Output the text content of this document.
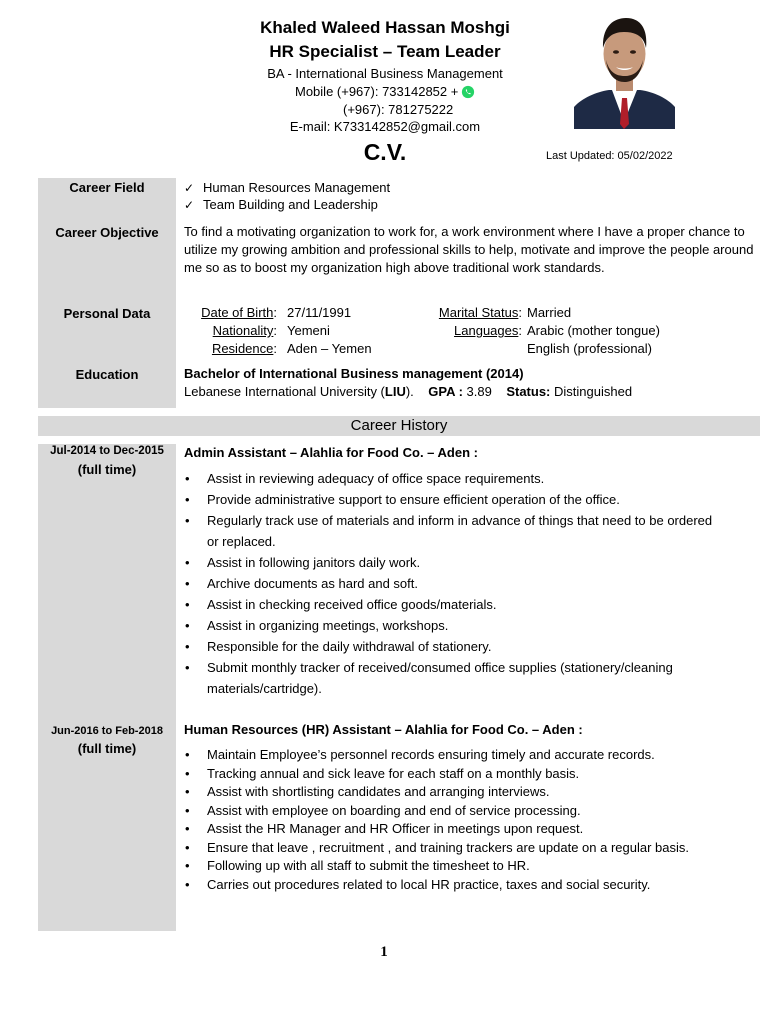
Khaled Waleed Hassan Moshgi
HR Specialist – Team Leader
BA - International Business Management
Mobile (+967): 733142852 +
(+967): 781275222
E-mail: K733142852@gmail.com
C.V.	Last Updated: 05/02/2022
Career Field	✓ Human Resources Management
✓ Team Building and Leadership
Career Objective	To find a motivating organization to work for, a work environment where I have a proper chance to utilize my growing ambition and professional skills to help, motivate and improve the people around me so as to boost my organization high above traditional work standards.
Personal Data	Date of Birth:	27/11/1991	Marital Status:	Married
Nationality:	Yemeni	Languages:	Arabic (mother tongue)
Residence:	Aden – Yemen		English (professional)
Education	Bachelor of International Business management (2014)
Lebanese International University (LIU). GPA : 3.89 Status: Distinguished
Career History
Jul-2014 to Dec-2015
(full time)
Admin Assistant – Alahlia for Food Co. – Aden :
• Assist in reviewing adequacy of office space requirements.
• Provide administrative support to ensure efficient operation of the office.
• Regularly track use of materials and inform in advance of things that need to be ordered or replaced.
• Assist in following janitors daily work.
• Archive documents as hard and soft.
• Assist in checking received office goods/materials.
• Assist in organizing meetings, workshops.
• Responsible for the daily withdrawal of stationery.
• Submit monthly tracker of received/consumed office supplies (stationery/cleaning materials/cartridge).
Jun-2016 to Feb-2018
(full time)
Human Resources (HR) Assistant – Alahlia for Food Co. – Aden :
• Maintain Employee’s personnel records ensuring timely and accurate records.
• Tracking annual and sick leave for each staff on a monthly basis.
• Assist with shortlisting candidates and arranging interviews.
• Assist with employee on boarding and end of service processing.
• Assist the HR Manager and HR Officer in meetings upon request.
• Ensure that leave , recruitment , and training trackers are update on a regular basis.
• Following up with all staff to submit the timesheet to HR.
• Carries out procedures related to local HR practice, taxes and social security.
1
